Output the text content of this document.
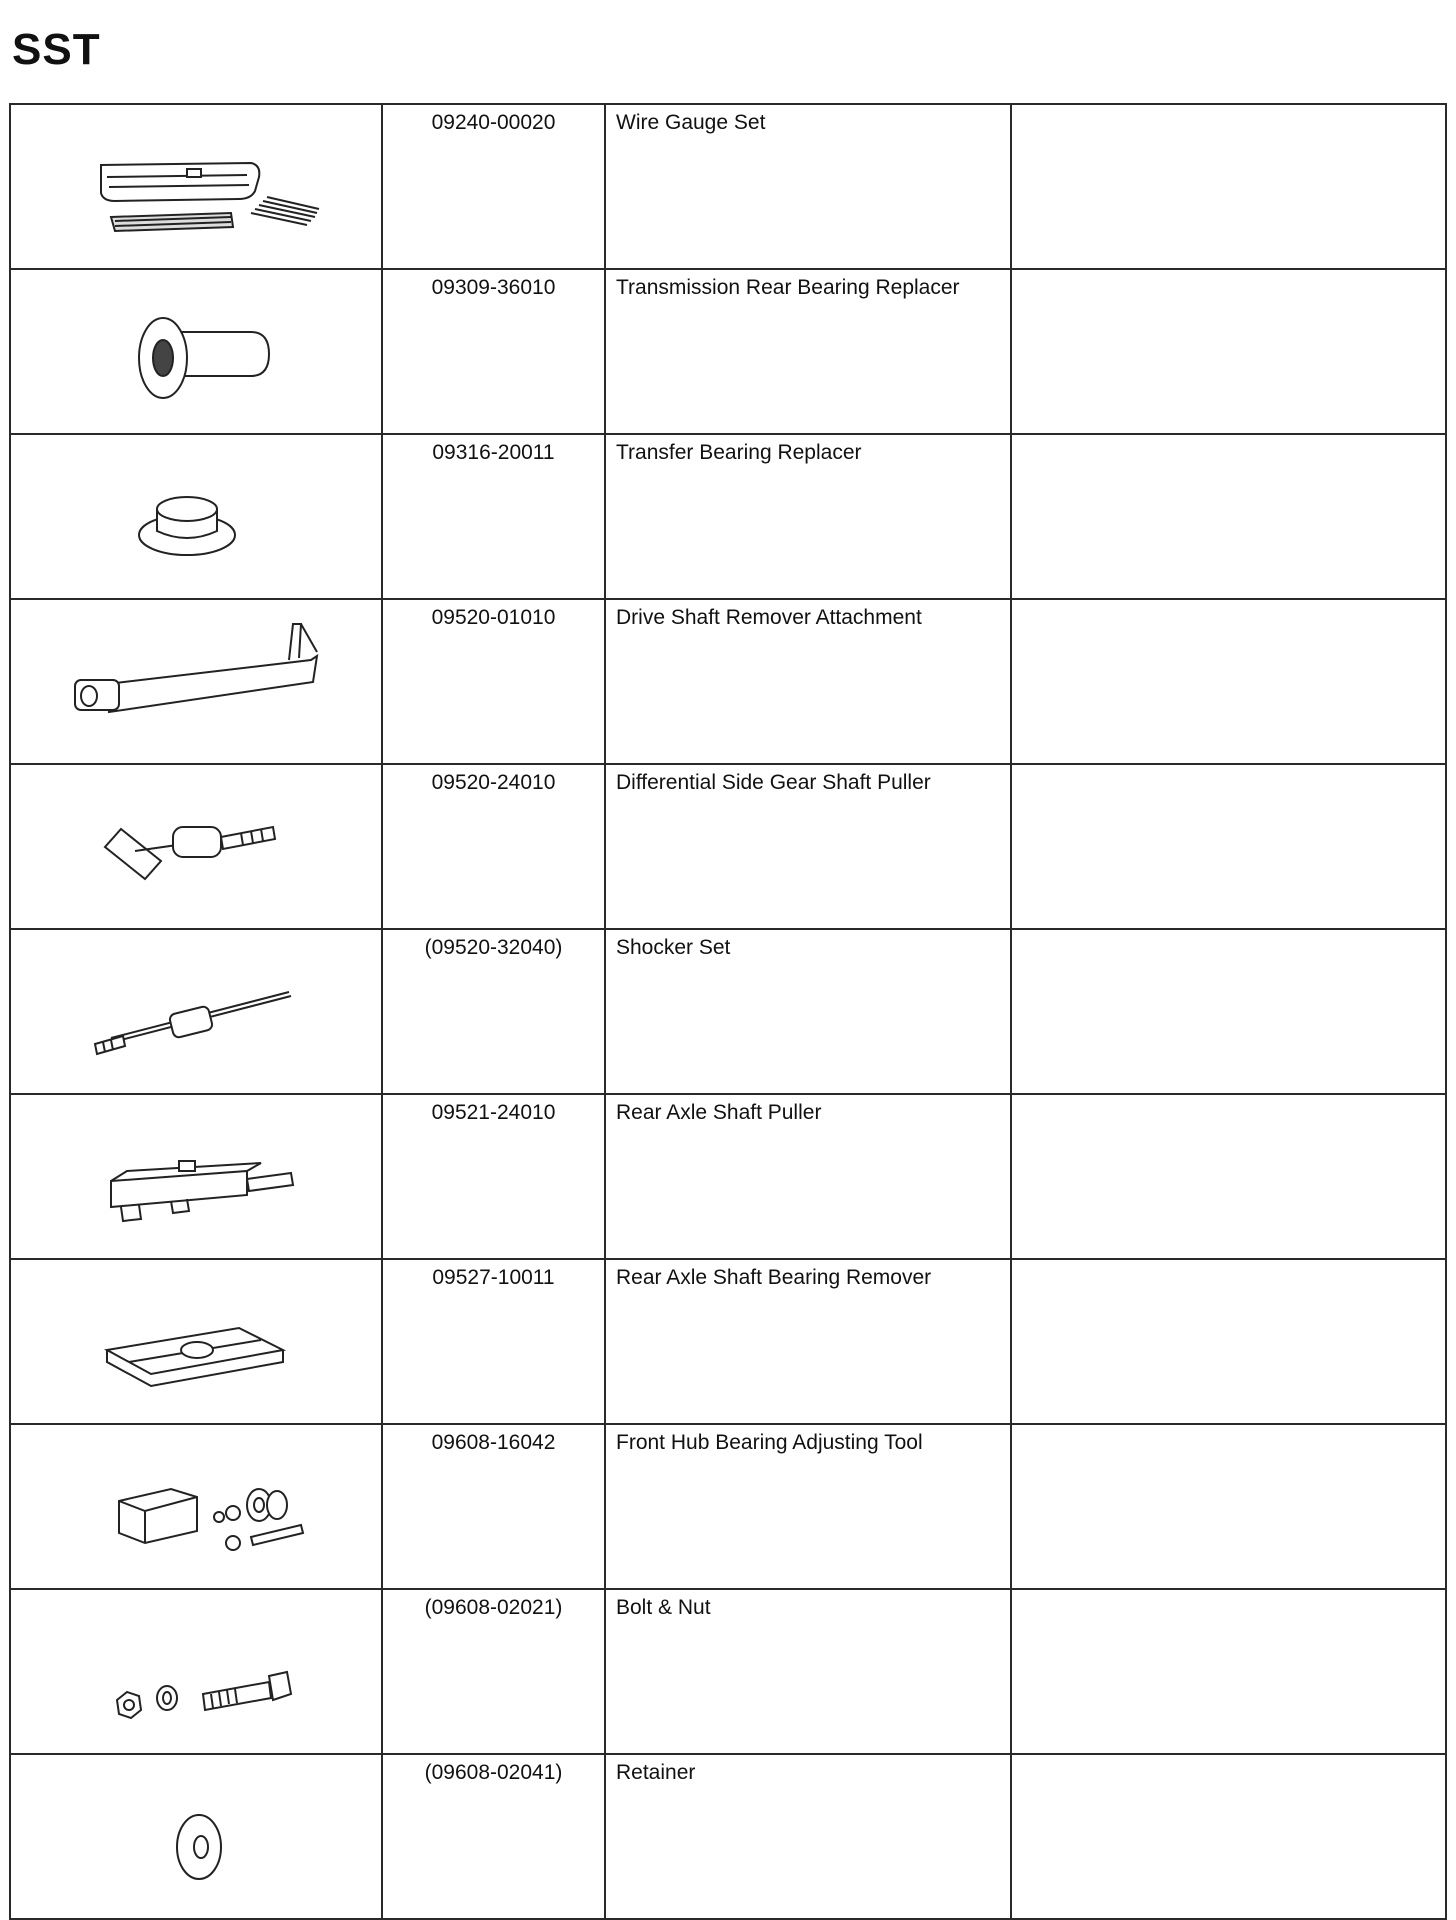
SST
	09240-00020	Wire Gauge Set	

	09309-36010	Transmission Rear Bearing Replacer	

	09316-20011	Transfer Bearing Replacer	

	09520-01010	Drive Shaft Remover Attachment	

	09520-24010	Differential Side Gear Shaft Puller	

	(09520-32040)	Shocker Set	

	09521-24010	Rear Axle Shaft Puller	

	09527-10011	Rear Axle Shaft Bearing Remover	

	09608-16042	Front Hub Bearing Adjusting Tool	

	(09608-02021)	Bolt & Nut	

	(09608-02041)	Retainer	
